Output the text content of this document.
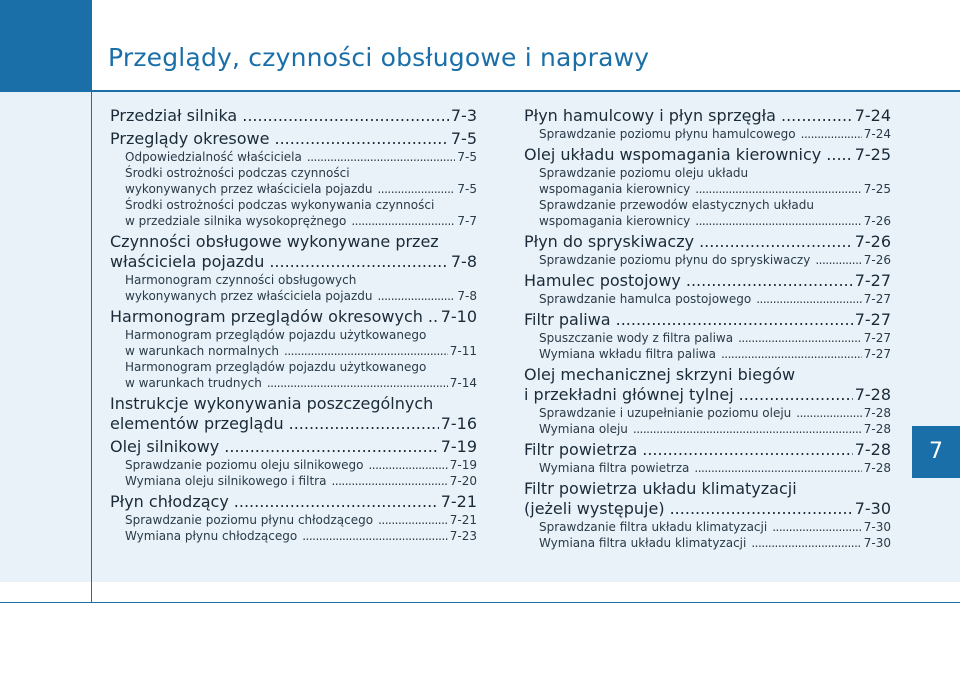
Przeglądy, czynności obsługowe i naprawy
Przedział silnika .....	7-3
Przeglądy okresowe .....	7-5
Odpowiedzialność właściciela .....	7-5
Środki ostrożności podczas czynności
wykonywanych przez właściciela pojazdu .....	7-5
Środki ostrożności podczas wykonywania czynności
w przedziale silnika wysokoprężnego .....	7-7
Czynności obsługowe wykonywane przez
właściciela pojazdu .....	7-8
Harmonogram czynności obsługowych
wykonywanych przez właściciela pojazdu .....	7-8
Harmonogram przeglądów okresowych ..... 7-10
Harmonogram przeglądów pojazdu użytkowanego
w warunkach normalnych .....	7-11
Harmonogram przeglądów pojazdu użytkowanego
w warunkach trudnych .....	7-14
Instrukcje wykonywania poszczególnych
elementów przeglądu .....	7-16
Olej silnikowy .....	7-19
Sprawdzanie poziomu oleju silnikowego .....	7-19
Wymiana oleju silnikowego i filtra .....	7-20
Płyn chłodzący .....	7-21
Sprawdzanie poziomu płynu chłodzącego .....	7-21
Wymiana płynu chłodzącego .....	7-23
Płyn hamulcowy i płyn sprzęgła .....	7-24
Sprawdzanie poziomu płynu hamulcowego .....	7-24
Olej układu wspomagania kierownicy ..... 7-25
Sprawdzanie poziomu oleju układu
wspomagania kierownicy .....	7-25
Sprawdzanie przewodów elastycznych układu
wspomagania kierownicy .....	7-26
Płyn do spryskiwaczy .....	7-26
Sprawdzanie poziomu płynu do spryskiwaczy .....	7-26
Hamulec postojowy .....	7-27
Sprawdzanie hamulca postojowego .....	7-27
Filtr paliwa .....	7-27
Spuszczanie wody z filtra paliwa .....	7-27
Wymiana wkładu filtra paliwa .....	7-27
Olej mechanicznej skrzyni biegów
i przekładni głównej tylnej .....	7-28
Sprawdzanie i uzupełnianie poziomu oleju .....	7-28
Wymiana oleju .....	7-28
Filtr powietrza .....	7-28
Wymiana filtra powietrza .....	7-28
Filtr powietrza układu klimatyzacji
(jeżeli występuje) .....	7-30
Sprawdzanie filtra układu klimatyzacji .....	7-30
Wymiana filtra układu klimatyzacji .....	7-30
7
